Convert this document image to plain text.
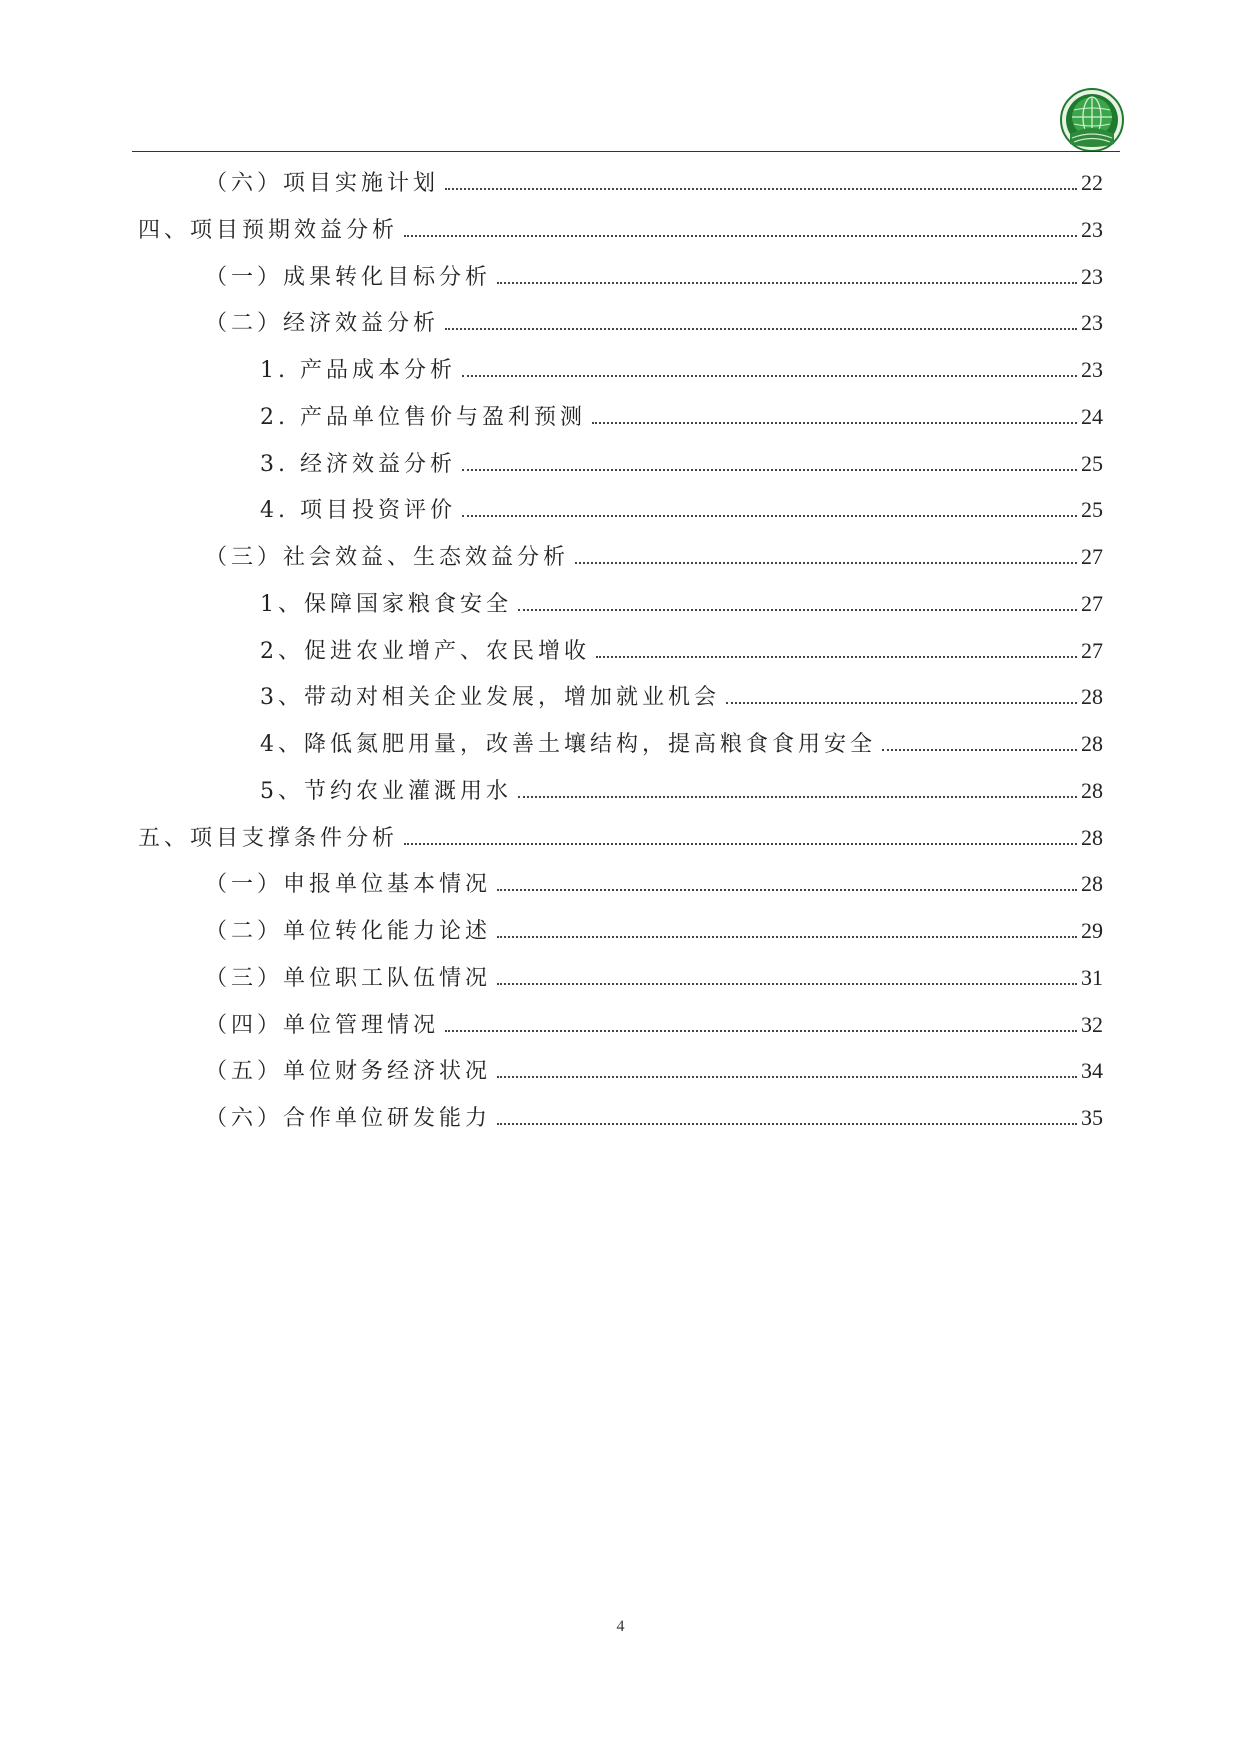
（六）项目实施计划	22
四、项目预期效益分析	23
（一）成果转化目标分析	23
（二）经济效益分析	23
1. 产品成本分析	23
2. 产品单位售价与盈利预测	24
3. 经济效益分析	25
4. 项目投资评价	25
（三）社会效益、生态效益分析	27
1、保障国家粮食安全	27
2、促进农业增产、农民增收	27
3、带动对相关企业发展，增加就业机会	28
4、降低氮肥用量，改善土壤结构，提高粮食食用安全	28
5、节约农业灌溉用水	28
五、项目支撑条件分析	28
（一）申报单位基本情况	28
（二）单位转化能力论述	29
（三）单位职工队伍情况	31
（四）单位管理情况	32
（五）单位财务经济状况	34
（六）合作单位研发能力	35
4
